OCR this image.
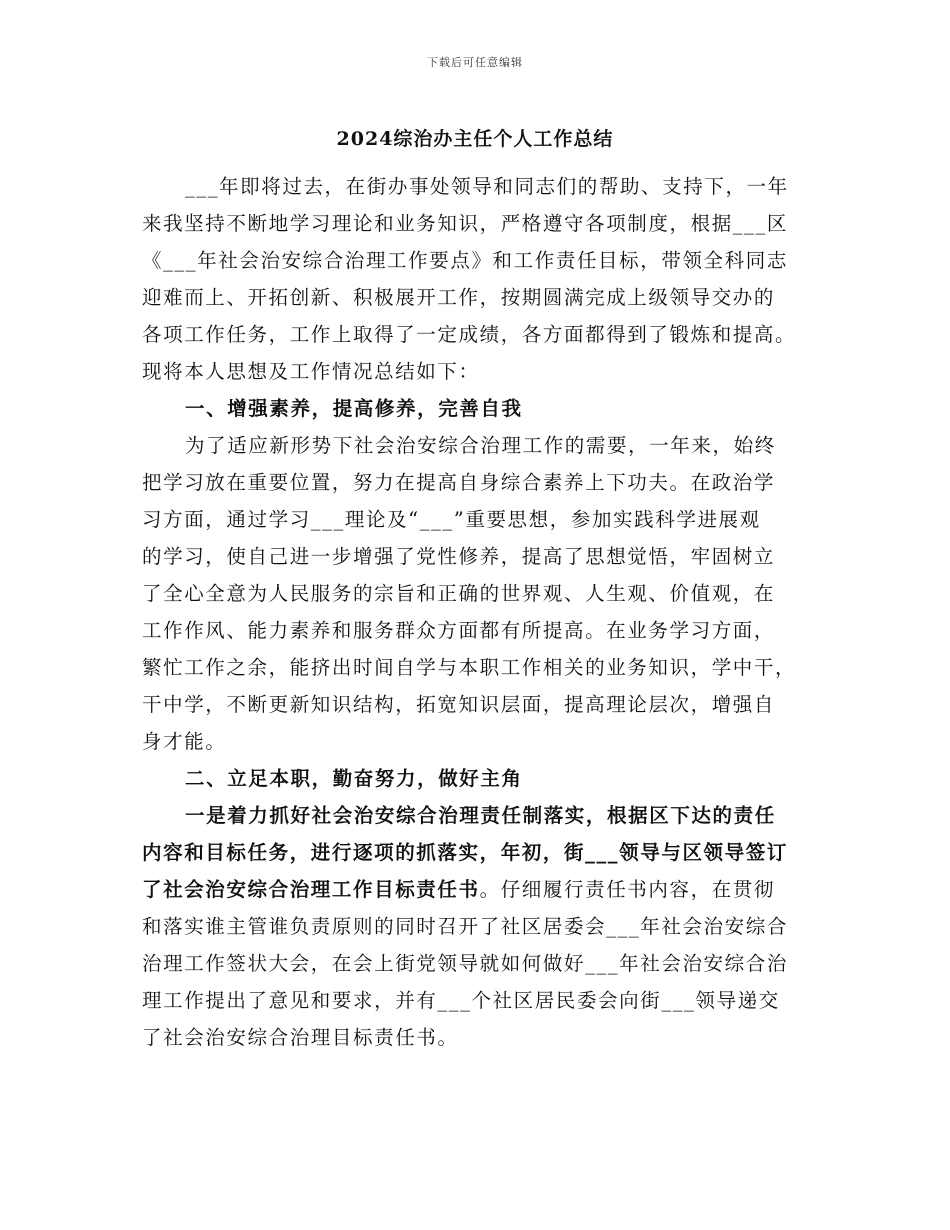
下载后可任意编辑
2024综治办主任个人工作总结
___年即将过去，在街办事处领导和同志们的帮助、支持下，一年
来我坚持不断地学习理论和业务知识，严格遵守各项制度，根据___区
《___年社会治安综合治理工作要点》和工作责任目标，带领全科同志
迎难而上、开拓创新、积极展开工作，按期圆满完成上级领导交办的
各项工作任务，工作上取得了一定成绩，各方面都得到了锻炼和提高。
现将本人思想及工作情况总结如下：
一、增强素养，提高修养，完善自我
为了适应新形势下社会治安综合治理工作的需要，一年来，始终
把学习放在重要位置，努力在提高自身综合素养上下功夫。在政治学
习方面，通过学习___理论及“___”重要思想，参加实践科学进展观
的学习，使自己进一步增强了党性修养，提高了思想觉悟，牢固树立
了全心全意为人民服务的宗旨和正确的世界观、人生观、价值观，在
工作作风、能力素养和服务群众方面都有所提高。在业务学习方面，
繁忙工作之余，能挤出时间自学与本职工作相关的业务知识，学中干，
干中学，不断更新知识结构，拓宽知识层面，提高理论层次，增强自
身才能。
二、立足本职，勤奋努力，做好主角
一是着力抓好社会治安综合治理责任制落实，根据区下达的责任
内容和目标任务，进行逐项的抓落实，年初，街___领导与区领导签订
了社会治安综合治理工作目标责任书。仔细履行责任书内容，在贯彻
和落实谁主管谁负责原则的同时召开了社区居委会___年社会治安综合
治理工作签状大会，在会上街党领导就如何做好___年社会治安综合治
理工作提出了意见和要求，并有___个社区居民委会向街___领导递交
了社会治安综合治理目标责任书。
